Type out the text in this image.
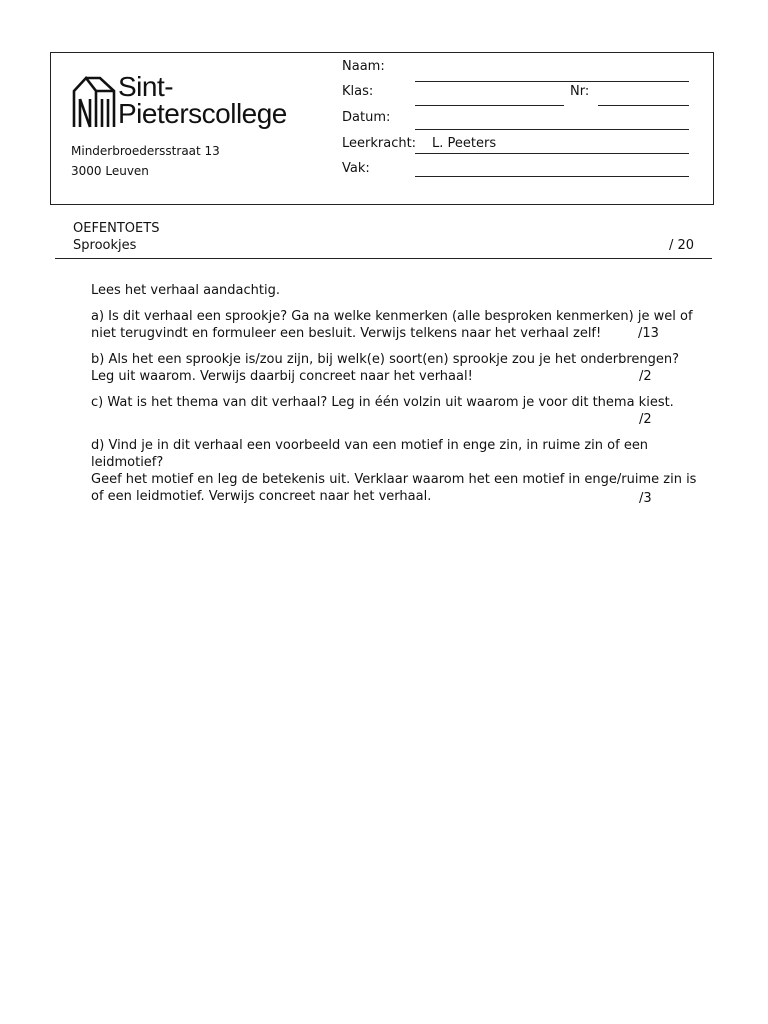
Sint-
Pieterscollege
Minderbroedersstraat 13
3000 Leuven
Naam:
Klas:	Nr:
Datum:
Leerkracht: L. Peeters
Vak:
OEFENTOETS
Sprookjes	/ 20
Lees het verhaal aandachtig.
a) Is dit verhaal een sprookje? Ga na welke kenmerken (alle besproken kenmerken) je wel of
niet terugvindt en formuleer een besluit. Verwijs telkens naar het verhaal zelf!	/13
b) Als het een sprookje is/zou zijn, bij welk(e) soort(en) sprookje zou je het onderbrengen?
Leg uit waarom. Verwijs daarbij concreet naar het verhaal!	/2
c) Wat is het thema van dit verhaal? Leg in één volzin uit waarom je voor dit thema kiest.
/2
d) Vind je in dit verhaal een voorbeeld van een motief in enge zin, in ruime zin of een
leidmotief?
Geef het motief en leg de betekenis uit. Verklaar waarom het een motief in enge/ruime zin is
of een leidmotief. Verwijs concreet naar het verhaal.	/3
